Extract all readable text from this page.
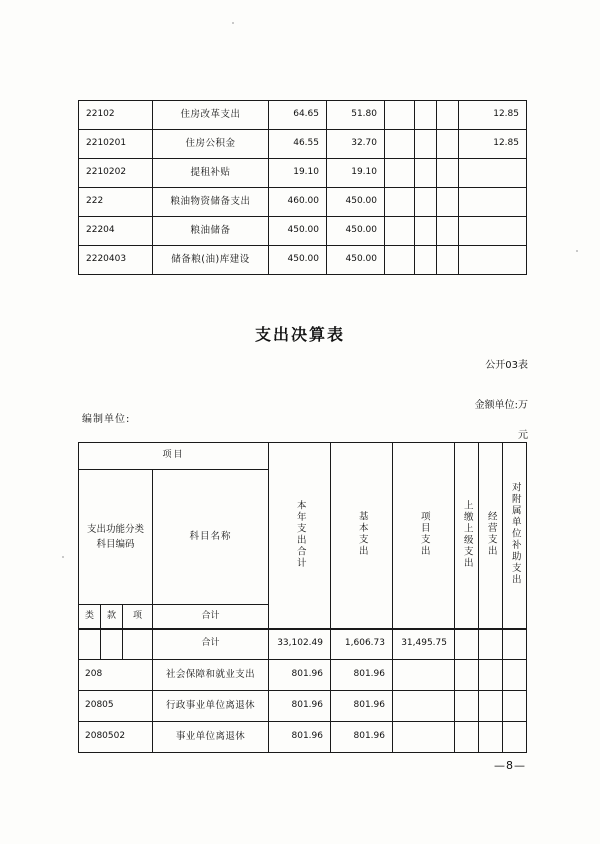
22102	住房改革支出	64.65	51.80				12.85
2210201	住房公积金	46.55	32.70				12.85
2210202	提租补贴	19.10	19.10				
222	粮油物资储备支出	460.00	450.00				
22204	粮油储备	450.00	450.00				
2220403	储备粮(油)库建设	450.00	450.00				
支出决算表
公开03表
金额单位:万
编制单位:
元
项目				本年支出合计	基本支出	项目支出	上缴上级支出	经营支出	对附属单位补助支出
支出功能分类科目编码			科目名称						
类	款	项	合计						
			合计	33,102.49	1,606.73	31,495.75			
208			社会保障和就业支出	801.96	801.96				
20805			行政事业单位离退休	801.96	801.96				
2080502			事业单位离退休	801.96	801.96				
—8—
